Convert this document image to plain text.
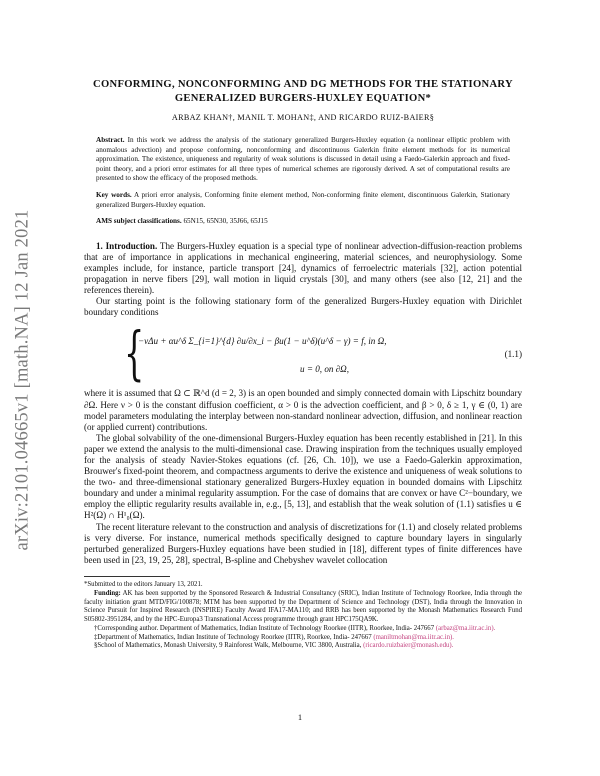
arXiv:2101.04665v1 [math.NA] 12 Jan 2021
CONFORMING, NONCONFORMING AND DG METHODS FOR THE STATIONARY
GENERALIZED BURGERS-HUXLEY EQUATION*
ARBAZ KHAN†, MANIL T. MOHAN‡, AND RICARDO RUIZ-BAIER§
Abstract. In this work we address the analysis of the stationary generalized Burgers-Huxley equation (a nonlinear elliptic problem with anomalous advection) and propose conforming, nonconforming and discontinuous Galerkin finite element methods for its numerical approximation. The existence, uniqueness and regularity of weak solutions is discussed in detail using a Faedo-Galerkin approach and fixed-point theory, and a priori error estimates for all three types of numerical schemes are rigorously derived. A set of computational results are presented to show the efficacy of the proposed methods.
Key words. A priori error analysis, Conforming finite element method, Non-conforming finite element, discontinuous Galerkin, Stationary generalized Burgers-Huxley equation.
AMS subject classifications. 65N15, 65N30, 35J66, 65J15

1. Introduction. The Burgers-Huxley equation is a special type of nonlinear advection-diffusion-reaction problems that are of importance in applications in mechanical engineering, material sciences, and neurophysiology. Some examples include, for instance, particle transport [24], dynamics of ferroelectric materials [32], action potential propagation in nerve fibers [29], wall motion in liquid crystals [30], and many others (see also [12, 21] and the references therein).

Our starting point is the following stationary form of the generalized Burgers-Huxley equation with Dirichlet boundary conditions

{
−νΔu + αu^δ Σ_{i=1}^{d} ∂u/∂x_i − βu(1 − u^δ)(u^δ − γ) = f, in Ω,
u = 0, on ∂Ω,
(1.1)

where it is assumed that Ω ⊂ ℝ^d (d = 2, 3) is an open bounded and simply connected domain with Lipschitz boundary ∂Ω. Here ν > 0 is the constant diffusion coefficient, α > 0 is the advection coefficient, and β > 0, δ ≥ 1, γ ∈ (0, 1) are model parameters modulating the interplay between non-standard nonlinear advection, diffusion, and nonlinear reaction (or applied current) contributions.

The global solvability of the one-dimensional Burgers-Huxley equation has been recently established in [21]. In this paper we extend the analysis to the multi-dimensional case. Drawing inspiration from the techniques usually employed for the analysis of steady Navier-Stokes equations (cf. [26, Ch. 10]), we use a Faedo-Galerkin approximation, Brouwer's fixed-point theorem, and compactness arguments to derive the existence and uniqueness of weak solutions to the two- and three-dimensional stationary generalized Burgers-Huxley equation in bounded domains with Lipschitz boundary and under a minimal regularity assumption. For the case of domains that are convex or have C²−boundary, we employ the elliptic regularity results available in, e.g., [5, 13], and establish that the weak solution of (1.1) satisfies u ∈ H²(Ω) ∩ H¹₀(Ω).

The recent literature relevant to the construction and analysis of discretizations for (1.1) and closely related problems is very diverse. For instance, numerical methods specifically designed to capture boundary layers in singularly perturbed generalized Burgers-Huxley equations have been studied in [18], different types of finite differences have been used in [23, 19, 25, 28], spectral, B-spline and Chebyshev wavelet collocation

*Submitted to the editors January 13, 2021.

Funding: AK has been supported by the Sponsored Research & Industrial Consultancy (SRIC), Indian Institute of Technology Roorkee, India through the faculty initiation grant MTD/FIG/100878; MTM has been supported by the Department of Science and Technology (DST), India through the Innovation in Science Pursuit for Inspired Research (INSPIRE) Faculty Award IFA17-MA110; and RRB has been supported by the Monash Mathematics Research Fund S05802-3951284, and by the HPC-Europa3 Transnational Access programme through grant HPC175QA9K.

†Corresponding author. Department of Mathematics, Indian Institute of Technology Roorkee (IITR), Roorkee, India- 247667 (arbaz@ma.iitr.ac.in).

‡Department of Mathematics, Indian Institute of Technology Roorkee (IITR), Roorkee, India- 247667 (maniltmohan@ma.iitr.ac.in).

§School of Mathematics, Monash University, 9 Rainforest Walk, Melbourne, VIC 3800, Australia, (ricardo.ruizbaier@monash.edu).

1
